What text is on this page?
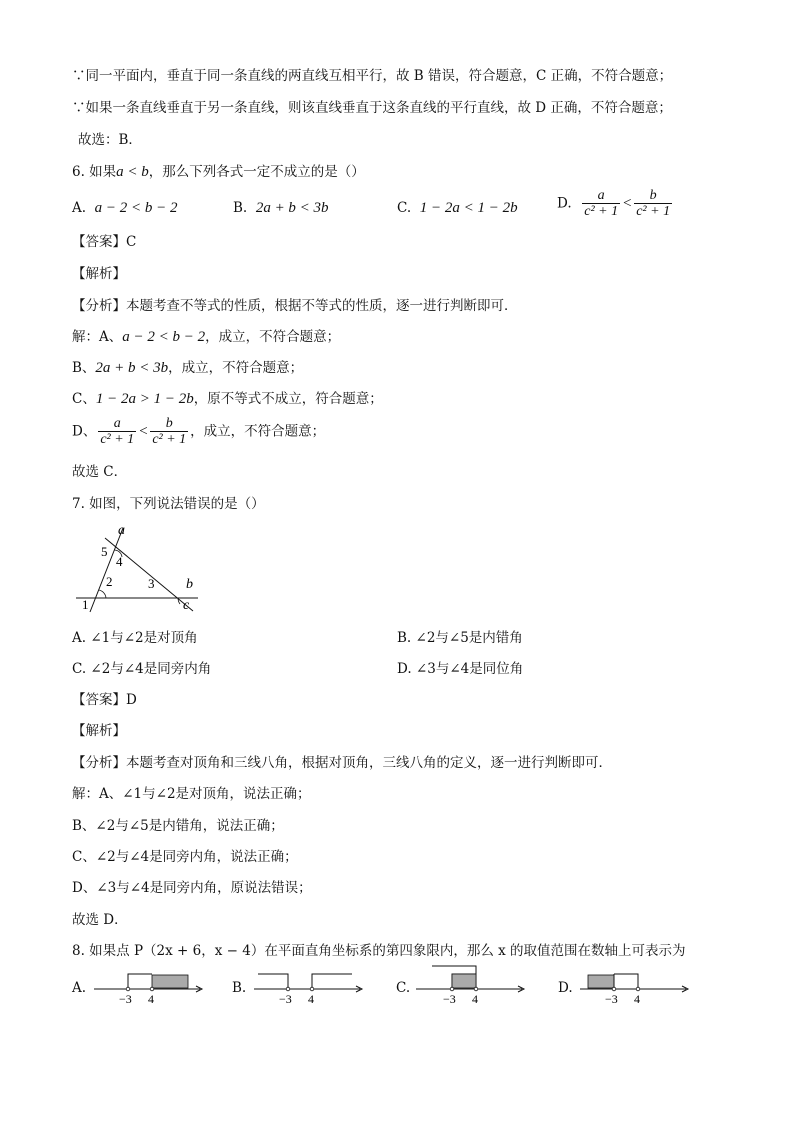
∵同一平面内，垂直于同一条直线的两直线互相平行，故 B 错误，符合题意，C 正确，不符合题意；
∵如果一条直线垂直于另一条直线，则该直线垂直于这条直线的平行直线，故 D 正确，不符合题意；
故选：B．
6. 如果a < b，那么下列各式一定不成立的是（）
A. a − 2 < b − 2	B. 2a + b < 3b	C. 1 − 2a < 1 − 2b	D. $\frac{a}{\text{c² + 1}} < \frac{b}{\text{c² + 1}}$
【答案】C
【解析】
【分析】本题考查不等式的性质，根据不等式的性质，逐一进行判断即可．
解：A、a − 2 < b − 2，成立，不符合题意；
B、2a + b < 3b，成立，不符合题意；
C、1 − 2a > 1 − 2b，原不等式不成立，符合题意；
D、 $\frac{a}{\text{c² + 1}} < \frac{b}{\text{c² + 1}}$ ，成立，不符合题意；
故选 C．
7. 如图，下列说法错误的是（）
a
b
c
5
4
2	3
1
A. ∠1与∠2是对顶角	B. ∠2与∠5是内错角
C. ∠2与∠4是同旁内角	D. ∠3与∠4是同位角
【答案】D
【解析】
【分析】本题考查对顶角和三线八角，根据对顶角，三线八角的定义，逐一进行判断即可．
解：A、∠1与∠2是对顶角，说法正确；
B、∠2与∠5是内错角，说法正确；
C、∠2与∠4是同旁内角，说法正确；
D、∠3与∠4是同旁内角，原说法错误；
故选 D．
8. 如果点 P（2x + 6，x − 4）在平面直角坐标系的第四象限内，那么 x 的取值范围在数轴上可表示为
A.
−3 4
B.
−3 4
C.
−3 4
D.
−3 4
